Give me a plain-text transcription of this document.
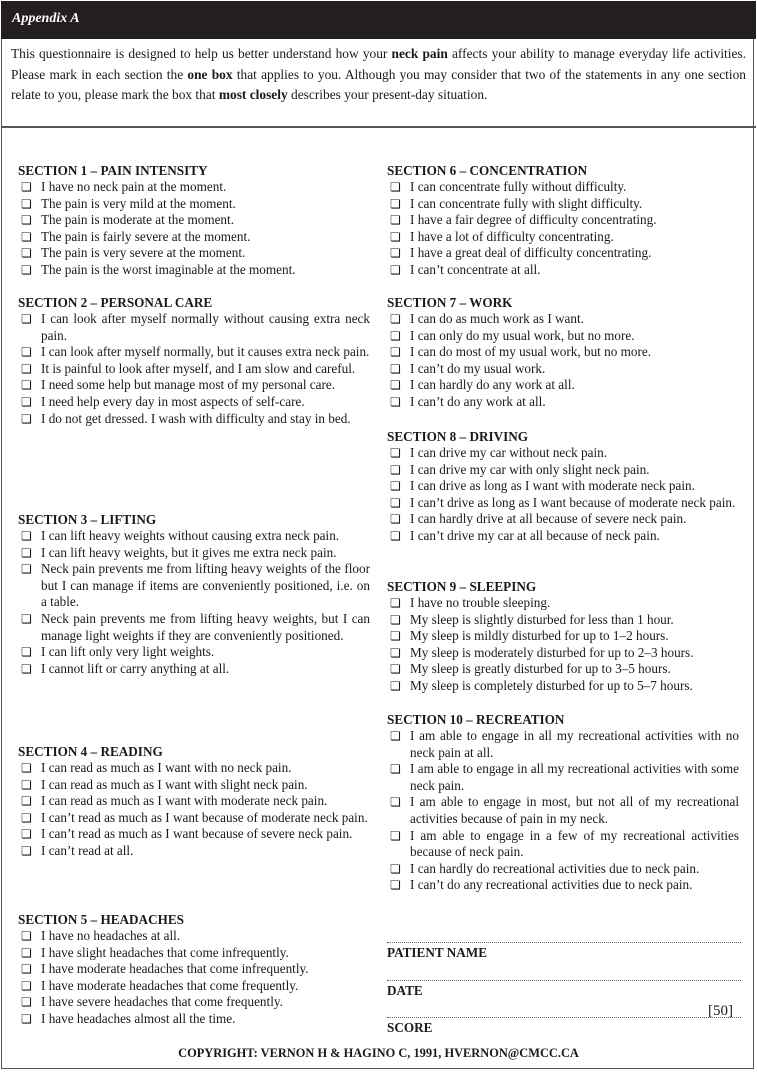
Appendix A
This questionnaire is designed to help us better understand how your neck pain affects your ability to manage everyday life activities. Please mark in each section the one box that applies to you. Although you may consider that two of the statements in any one section relate to you, please mark the box that most closely describes your present-day situation.
SECTION 1 – PAIN INTENSITY
❏ I have no neck pain at the moment.
❏ The pain is very mild at the moment.
❏ The pain is moderate at the moment.
❏ The pain is fairly severe at the moment.
❏ The pain is very severe at the moment.
❏ The pain is the worst imaginable at the moment.
SECTION 2 – PERSONAL CARE
❏ I can look after myself normally without causing extra neck pain.
❏ I can look after myself normally, but it causes extra neck pain.
❏ It is painful to look after myself, and I am slow and careful.
❏ I need some help but manage most of my personal care.
❏ I need help every day in most aspects of self-care.
❏ I do not get dressed. I wash with difficulty and stay in bed.
SECTION 3 – LIFTING
❏ I can lift heavy weights without causing extra neck pain.
❏ I can lift heavy weights, but it gives me extra neck pain.
❏ Neck pain prevents me from lifting heavy weights of the floor but I can manage if items are conveniently positioned, i.e. on a table.
❏ Neck pain prevents me from lifting heavy weights, but I can manage light weights if they are conveniently positioned.
❏ I can lift only very light weights.
❏ I cannot lift or carry anything at all.
SECTION 4 – READING
❏ I can read as much as I want with no neck pain.
❏ I can read as much as I want with slight neck pain.
❏ I can read as much as I want with moderate neck pain.
❏ I can’t read as much as I want because of moderate neck pain.
❏ I can’t read as much as I want because of severe neck pain.
❏ I can’t read at all.
SECTION 5 – HEADACHES
❏ I have no headaches at all.
❏ I have slight headaches that come infrequently.
❏ I have moderate headaches that come infrequently.
❏ I have moderate headaches that come frequently.
❏ I have severe headaches that come frequently.
❏ I have headaches almost all the time.
SECTION 6 – CONCENTRATION
❏ I can concentrate fully without difficulty.
❏ I can concentrate fully with slight difficulty.
❏ I have a fair degree of difficulty concentrating.
❏ I have a lot of difficulty concentrating.
❏ I have a great deal of difficulty concentrating.
❏ I can’t concentrate at all.
SECTION 7 – WORK
❏ I can do as much work as I want.
❏ I can only do my usual work, but no more.
❏ I can do most of my usual work, but no more.
❏ I can’t do my usual work.
❏ I can hardly do any work at all.
❏ I can’t do any work at all.
SECTION 8 – DRIVING
❏ I can drive my car without neck pain.
❏ I can drive my car with only slight neck pain.
❏ I can drive as long as I want with moderate neck pain.
❏ I can’t drive as long as I want because of moderate neck pain.
❏ I can hardly drive at all because of severe neck pain.
❏ I can’t drive my car at all because of neck pain.
SECTION 9 – SLEEPING
❏ I have no trouble sleeping.
❏ My sleep is slightly disturbed for less than 1 hour.
❏ My sleep is mildly disturbed for up to 1–2 hours.
❏ My sleep is moderately disturbed for up to 2–3 hours.
❏ My sleep is greatly disturbed for up to 3–5 hours.
❏ My sleep is completely disturbed for up to 5–7 hours.
SECTION 10 – RECREATION
❏ I am able to engage in all my recreational activities with no neck pain at all.
❏ I am able to engage in all my recreational activities with some neck pain.
❏ I am able to engage in most, but not all of my recreational activities because of pain in my neck.
❏ I am able to engage in a few of my recreational activities because of neck pain.
❏ I can hardly do recreational activities due to neck pain.
❏ I can’t do any recreational activities due to neck pain.
PATIENT NAME
DATE
[50]
SCORE
COPYRIGHT: VERNON H & HAGINO C, 1991, HVERNON@CMCC.CA
